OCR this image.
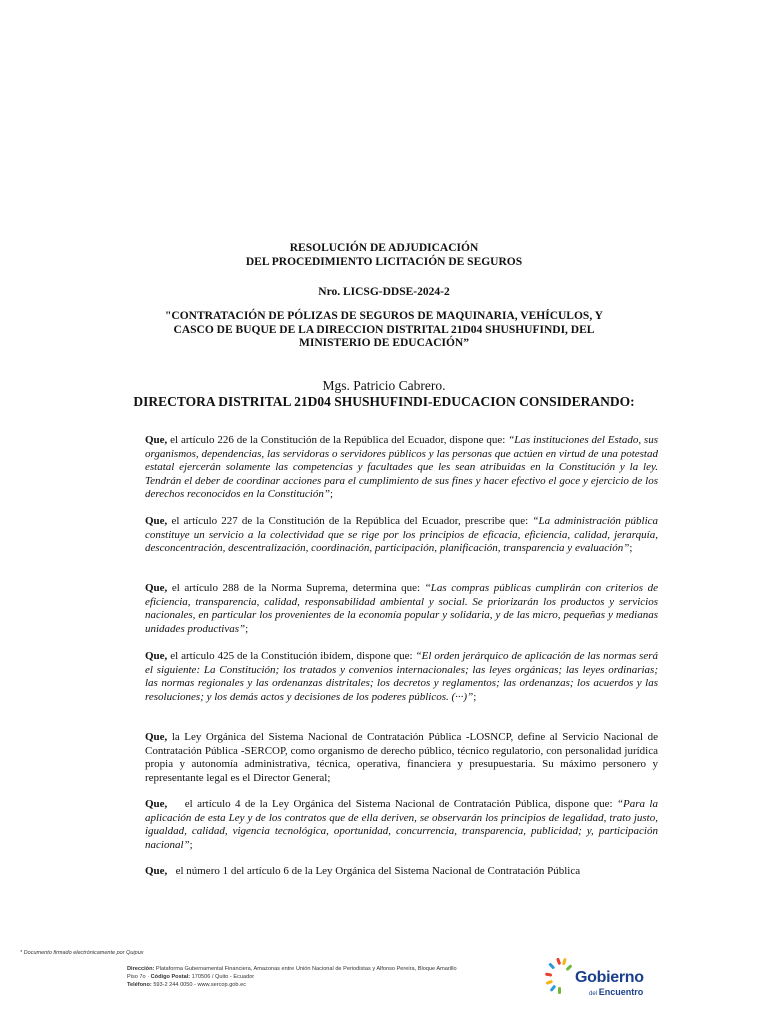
RESOLUCIÓN DE ADJUDICACIÓN
DEL PROCEDIMIENTO LICITACIÓN DE SEGUROS
Nro. LICSG-DDSE-2024-2
"CONTRATACIÓN DE PÓLIZAS DE SEGUROS DE MAQUINARIA, VEHÍCULOS, Y CASCO DE BUQUE DE LA DIRECCION DISTRITAL 21D04 SHUSHUFINDI, DEL MINISTERIO DE EDUCACIÓN”
Mgs. Patricio Cabrero.
DIRECTORA DISTRITAL 21D04 SHUSHUFINDI-EDUCACION CONSIDERANDO:
Que, el artículo 226 de la Constitución de la República del Ecuador, dispone que: “Las instituciones del Estado, sus organismos, dependencias, las servidoras o servidores públicos y las personas que actúen en virtud de una potestad estatal ejercerán solamente las competencias y facultades que les sean atribuidas en la Constitución y la ley. Tendrán el deber de coordinar acciones para el cumplimiento de sus fines y hacer efectivo el goce y ejercicio de los derechos reconocidos en la Constitución”;
Que, el artículo 227 de la Constitución de la República del Ecuador, prescribe que: “La administración pública constituye un servicio a la colectividad que se rige por los principios de eficacia, eficiencia, calidad, jerarquía, desconcentración, descentralización, coordinación, participación, planificación, transparencia y evaluación”;
Que, el artículo 288 de la Norma Suprema, determina que: “Las compras públicas cumplirán con criterios de eficiencia, transparencia, calidad, responsabilidad ambiental y social. Se priorizarán los productos y servicios nacionales, en particular los provenientes de la economía popular y solidaria, y de las micro, pequeñas y medianas unidades productivas”;
Que, el artículo 425 de la Constitución ibídem, dispone que: “El orden jerárquico de aplicación de las normas será el siguiente: La Constitución; los tratados y convenios internacionales; las leyes orgánicas; las leyes ordinarias; las normas regionales y las ordenanzas distritales; los decretos y reglamentos; las ordenanzas; los acuerdos y las resoluciones; y los demás actos y decisiones de los poderes públicos. (···)”;
Que, la Ley Orgánica del Sistema Nacional de Contratación Pública -LOSNCP, define al Servicio Nacional de Contratación Pública -SERCOP, como organismo de derecho público, técnico regulatorio, con personalidad jurídica propia y autonomía administrativa, técnica, operativa, financiera y presupuestaria. Su máximo personero y representante legal es el Director General;
Que,    el artículo 4 de la Ley Orgánica del Sistema Nacional de Contratación Pública, dispone que: “Para la aplicación de esta Ley y de los contratos que de ella deriven, se observarán los principios de legalidad, trato justo, igualdad, calidad, vigencia tecnológica, oportunidad, concurrencia, transparencia, publicidad; y, participación nacional”;
Que,   el número 1 del artículo 6 de la Ley Orgánica del Sistema Nacional de Contratación Pública
* Documento firmado electrónicamente por Quipux
Dirección: Plataforma Gubernamental Financiera, Amazonas entre Unión Nacional de Periodistas y Alfonso Pereira, Bloque Amarillo Piso 7o · Código Postal: 170506 / Quito - Ecuador
Teléfono: 593-2 244 0050 - www.sercop.gob.ec	Gobierno
del Encuentro
